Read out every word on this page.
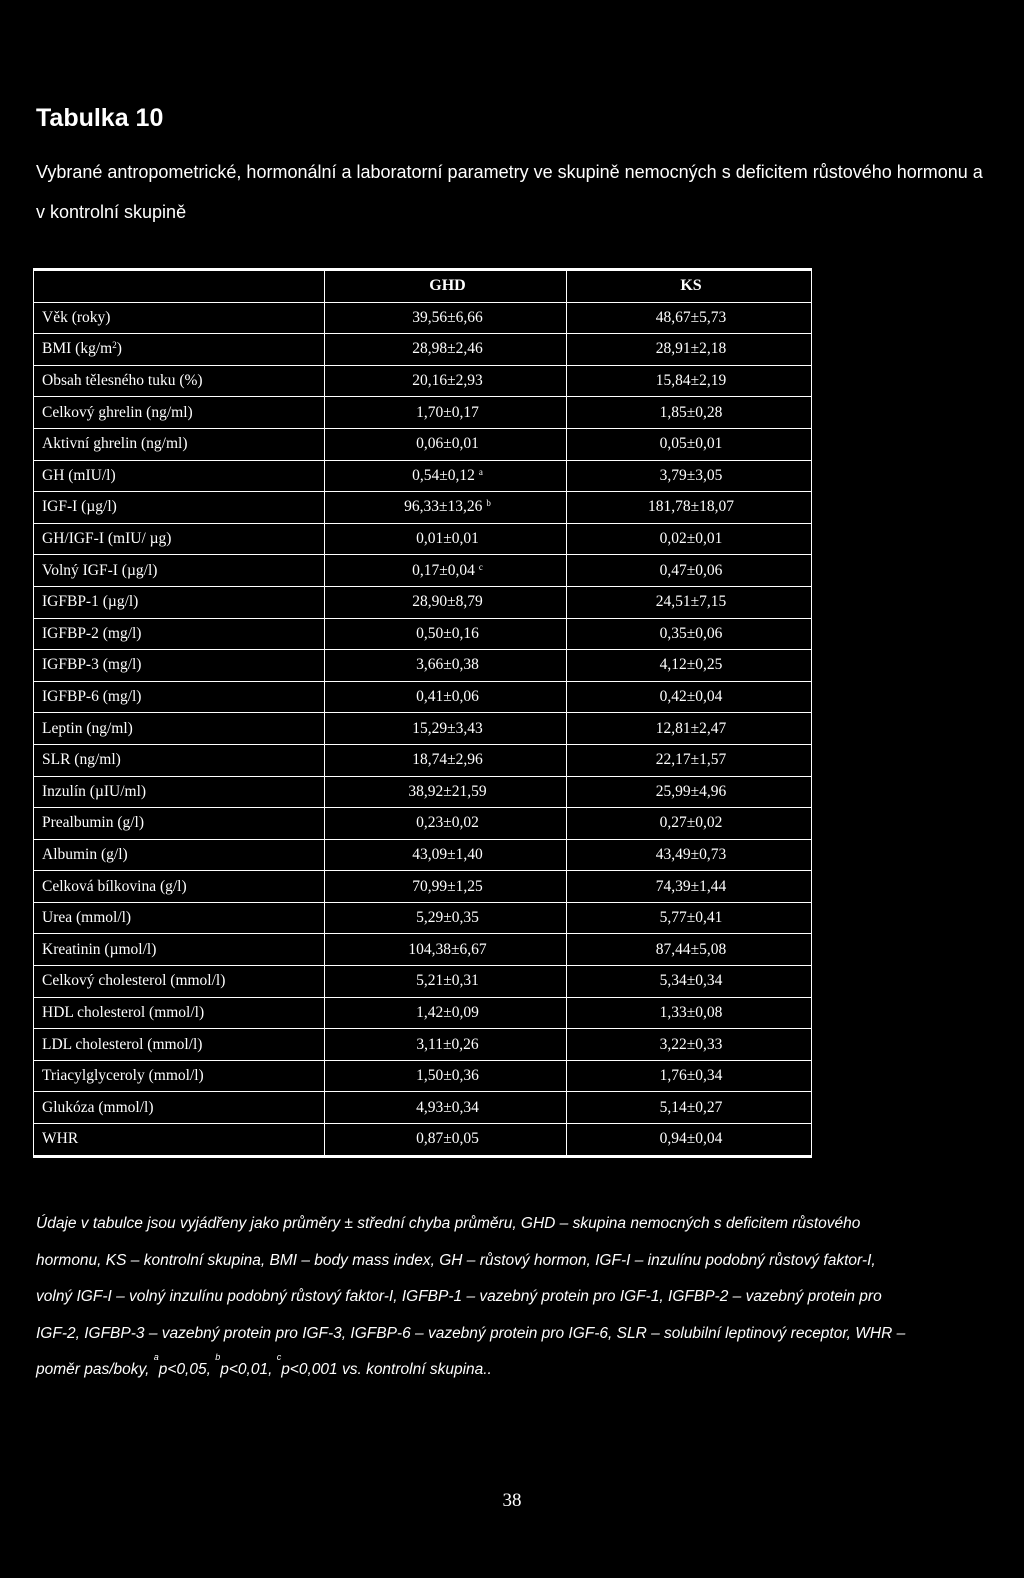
Tabulka 10

Vybrané antropometrické, hormonální a laboratorní parametry ve skupině nemocných s deficitem růstového hormonu a v kontrolní skupině

	GHD	KS
Věk (roky)	39,56±6,66	48,67±5,73
BMI $(kg/m^2)$	28,98±2,46	28,91±2,18
Obsah tělesného tuku (%)	20,16±2,93	15,84±2,19
Celkový ghrelin (ng/ml)	1,70±0,17	1,85±0,28
Aktivní ghrelin (ng/ml)	0,06±0,01	0,05±0,01
GH (mIU/l)	0,54±0,12 $^a$	3,79±3,05
IGF-I (µg/l)	96,33±13,26 $^b$	181,78±18,07
GH/IGF-I (mIU/ µg)	0,01±0,01	0,02±0,01
Volný IGF-I (µg/l)	0,17±0,04 $^c$	0,47±0,06
IGFBP-1 (µg/l)	28,90±8,79	24,51±7,15
IGFBP-2 (mg/l)	0,50±0,16	0,35±0,06
IGFBP-3 (mg/l)	3,66±0,38	4,12±0,25
IGFBP-6 (mg/l)	0,41±0,06	0,42±0,04
Leptin (ng/ml)	15,29±3,43	12,81±2,47
SLR (ng/ml)	18,74±2,96	22,17±1,57
Inzulín (µIU/ml)	38,92±21,59	25,99±4,96
Prealbumin (g/l)	0,23±0,02	0,27±0,02
Albumin (g/l)	43,09±1,40	43,49±0,73
Celková bílkovina (g/l)	70,99±1,25	74,39±1,44
Urea (mmol/l)	5,29±0,35	5,77±0,41
Kreatinin (µmol/l)	104,38±6,67	87,44±5,08
Celkový cholesterol (mmol/l)	5,21±0,31	5,34±0,34
HDL cholesterol (mmol/l)	1,42±0,09	1,33±0,08
LDL cholesterol (mmol/l)	3,11±0,26	3,22±0,33
Triacylglyceroly (mmol/l)	1,50±0,36	1,76±0,34
Glukóza (mmol/l)	4,93±0,34	5,14±0,27
WHR	0,87±0,05	0,94±0,04

Údaje v tabulce jsou vyjádřeny jako průměry ± střední chyba průměru, GHD – skupina nemocných s deficitem růstového hormonu, KS – kontrolní skupina, BMI – body mass index, GH – růstový hormon, IGF-I – inzulínu podobný růstový faktor-I, volný IGF-I – volný inzulínu podobný růstový faktor-I, IGFBP-1 – vazebný protein pro IGF-1, IGFBP-2 – vazebný protein pro IGF-2, IGFBP-3 – vazebný protein pro IGF-3, IGFBP-6 – vazebný protein pro IGF-6, SLR – solubilní leptinový receptor, WHR – poměr pas/boky, $^a$p<0,05, $^b$p<0,01, $^c$p<0,001 vs. kontrolní skupina..

38
